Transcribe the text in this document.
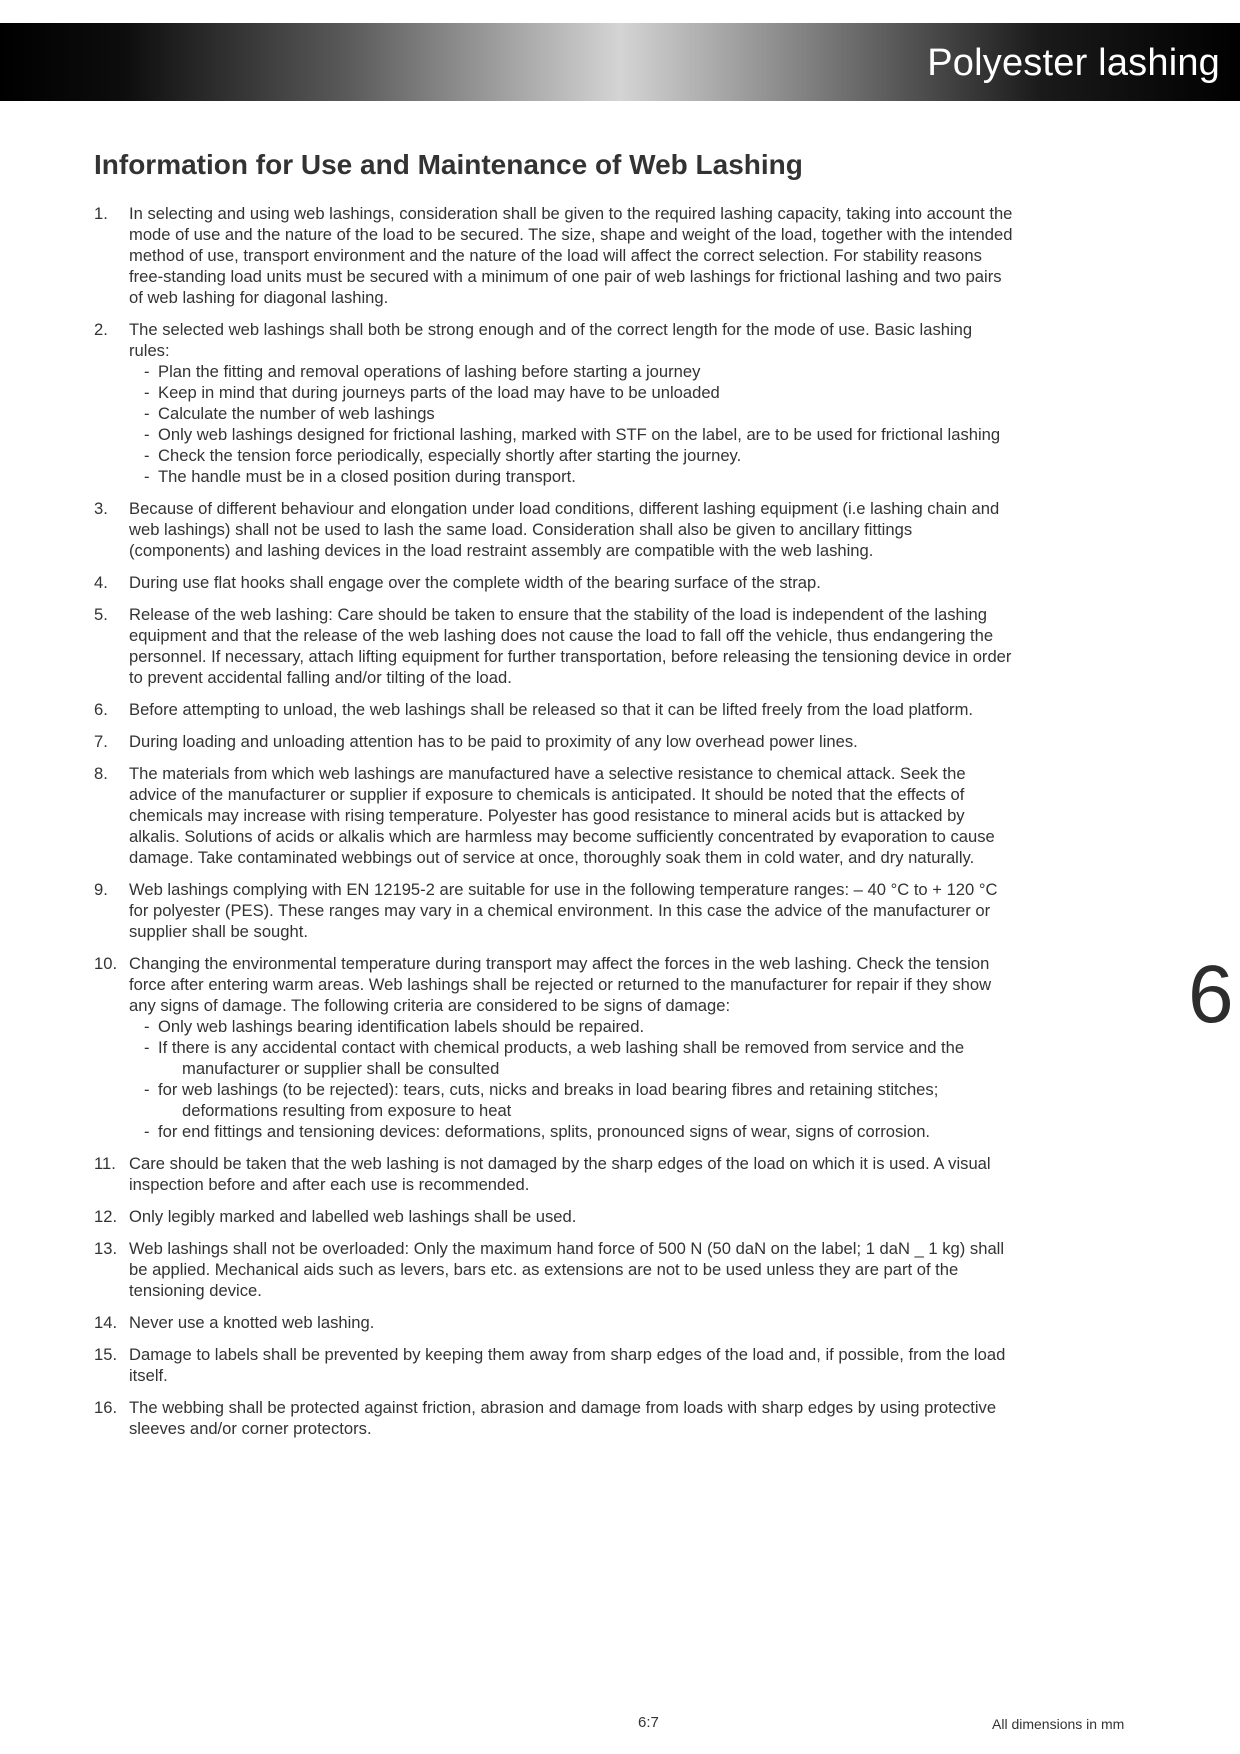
Polyester lashing
Information for Use and Maintenance of Web Lashing
1.	In selecting and using web lashings, consideration shall be given to the required lashing capacity, taking into account the mode of use and the nature of the load to be secured. The size, shape and weight of the load, together with the intended method of use, transport environment and the nature of the load will affect the correct selection. For stability reasons free-standing load units must be secured with a minimum of one pair of web lashings for frictional lashing and two pairs of web lashing for diagonal lashing.
2.	The selected web lashings shall both be strong enough and of the correct length for the mode of use. Basic lashing rules:
- Plan the fitting and removal operations of lashing before starting a journey
- Keep in mind that during journeys parts of the load may have to be unloaded
- Calculate the number of web lashings
- Only web lashings designed for frictional lashing, marked with STF on the label, are to be used for frictional lashing
- Check the tension force periodically, especially shortly after starting the journey.
- The handle must be in a closed position during transport.
3.	Because of different behaviour and elongation under load conditions, different lashing equipment (i.e lashing chain and web lashings) shall not be used to lash the same load. Consideration shall also be given to ancillary fittings (components) and lashing devices in the load restraint assembly are compatible with the web lashing.
4.	During use flat hooks shall engage over the complete width of the bearing surface of the strap.
5.	Release of the web lashing: Care should be taken to ensure that the stability of the load is independent of the lashing equipment and that the release of the web lashing does not cause the load to fall off the vehicle, thus endangering the personnel. If necessary, attach lifting equipment for further transportation, before releasing the tensioning device in order to prevent accidental falling and/or tilting of the load.
6.	Before attempting to unload, the web lashings shall be released so that it can be lifted freely from the load platform.
7.	During loading and unloading attention has to be paid to proximity of any low overhead power lines.
8.	The materials from which web lashings are manufactured have a selective resistance to chemical attack. Seek the advice of the manufacturer or supplier if exposure to chemicals is anticipated. It should be noted that the effects of chemicals may increase with rising temperature. Polyester has good resistance to mineral acids but is attacked by alkalis. Solutions of acids or alkalis which are harmless may become sufficiently concentrated by evaporation to cause damage. Take contaminated webbings out of service at once, thoroughly soak them in cold water, and dry naturally.
9.	Web lashings complying with EN 12195-2 are suitable for use in the following temperature ranges: – 40 °C to + 120 °C for polyester (PES). These ranges may vary in a chemical environment. In this case the advice of the manufacturer or supplier shall be sought.
10. Changing the environmental temperature during transport may affect the forces in the web lashing. Check the tension force after entering warm areas. Web lashings shall be rejected or returned to the manufacturer for repair if they show any signs of damage. The following criteria are considered to be signs of damage:
- Only web lashings bearing identification labels should be repaired.
- If there is any accidental contact with chemical products, a web lashing shall be removed from service and the manufacturer or supplier shall be consulted
- for web lashings (to be rejected): tears, cuts, nicks and breaks in load bearing fibres and retaining stitches; deformations resulting from exposure to heat
- for end fittings and tensioning devices: deformations, splits, pronounced signs of wear, signs of corrosion.
11. Care should be taken that the web lashing is not damaged by the sharp edges of the load on which it is used. A visual inspection before and after each use is recommended.
12. Only legibly marked and labelled web lashings shall be used.
13. Web lashings shall not be overloaded: Only the maximum hand force of 500 N (50 daN on the label; 1 daN _ 1 kg) shall be applied. Mechanical aids such as levers, bars etc. as extensions are not to be used unless they are part of the tensioning device.
14. Never use a knotted web lashing.
15. Damage to labels shall be prevented by keeping them away from sharp edges of the load and, if possible, from the load itself.
16. The webbing shall be protected against friction, abrasion and damage from loads with sharp edges by using protective sleeves and/or corner protectors.
6
6:7	All dimensions in mm
